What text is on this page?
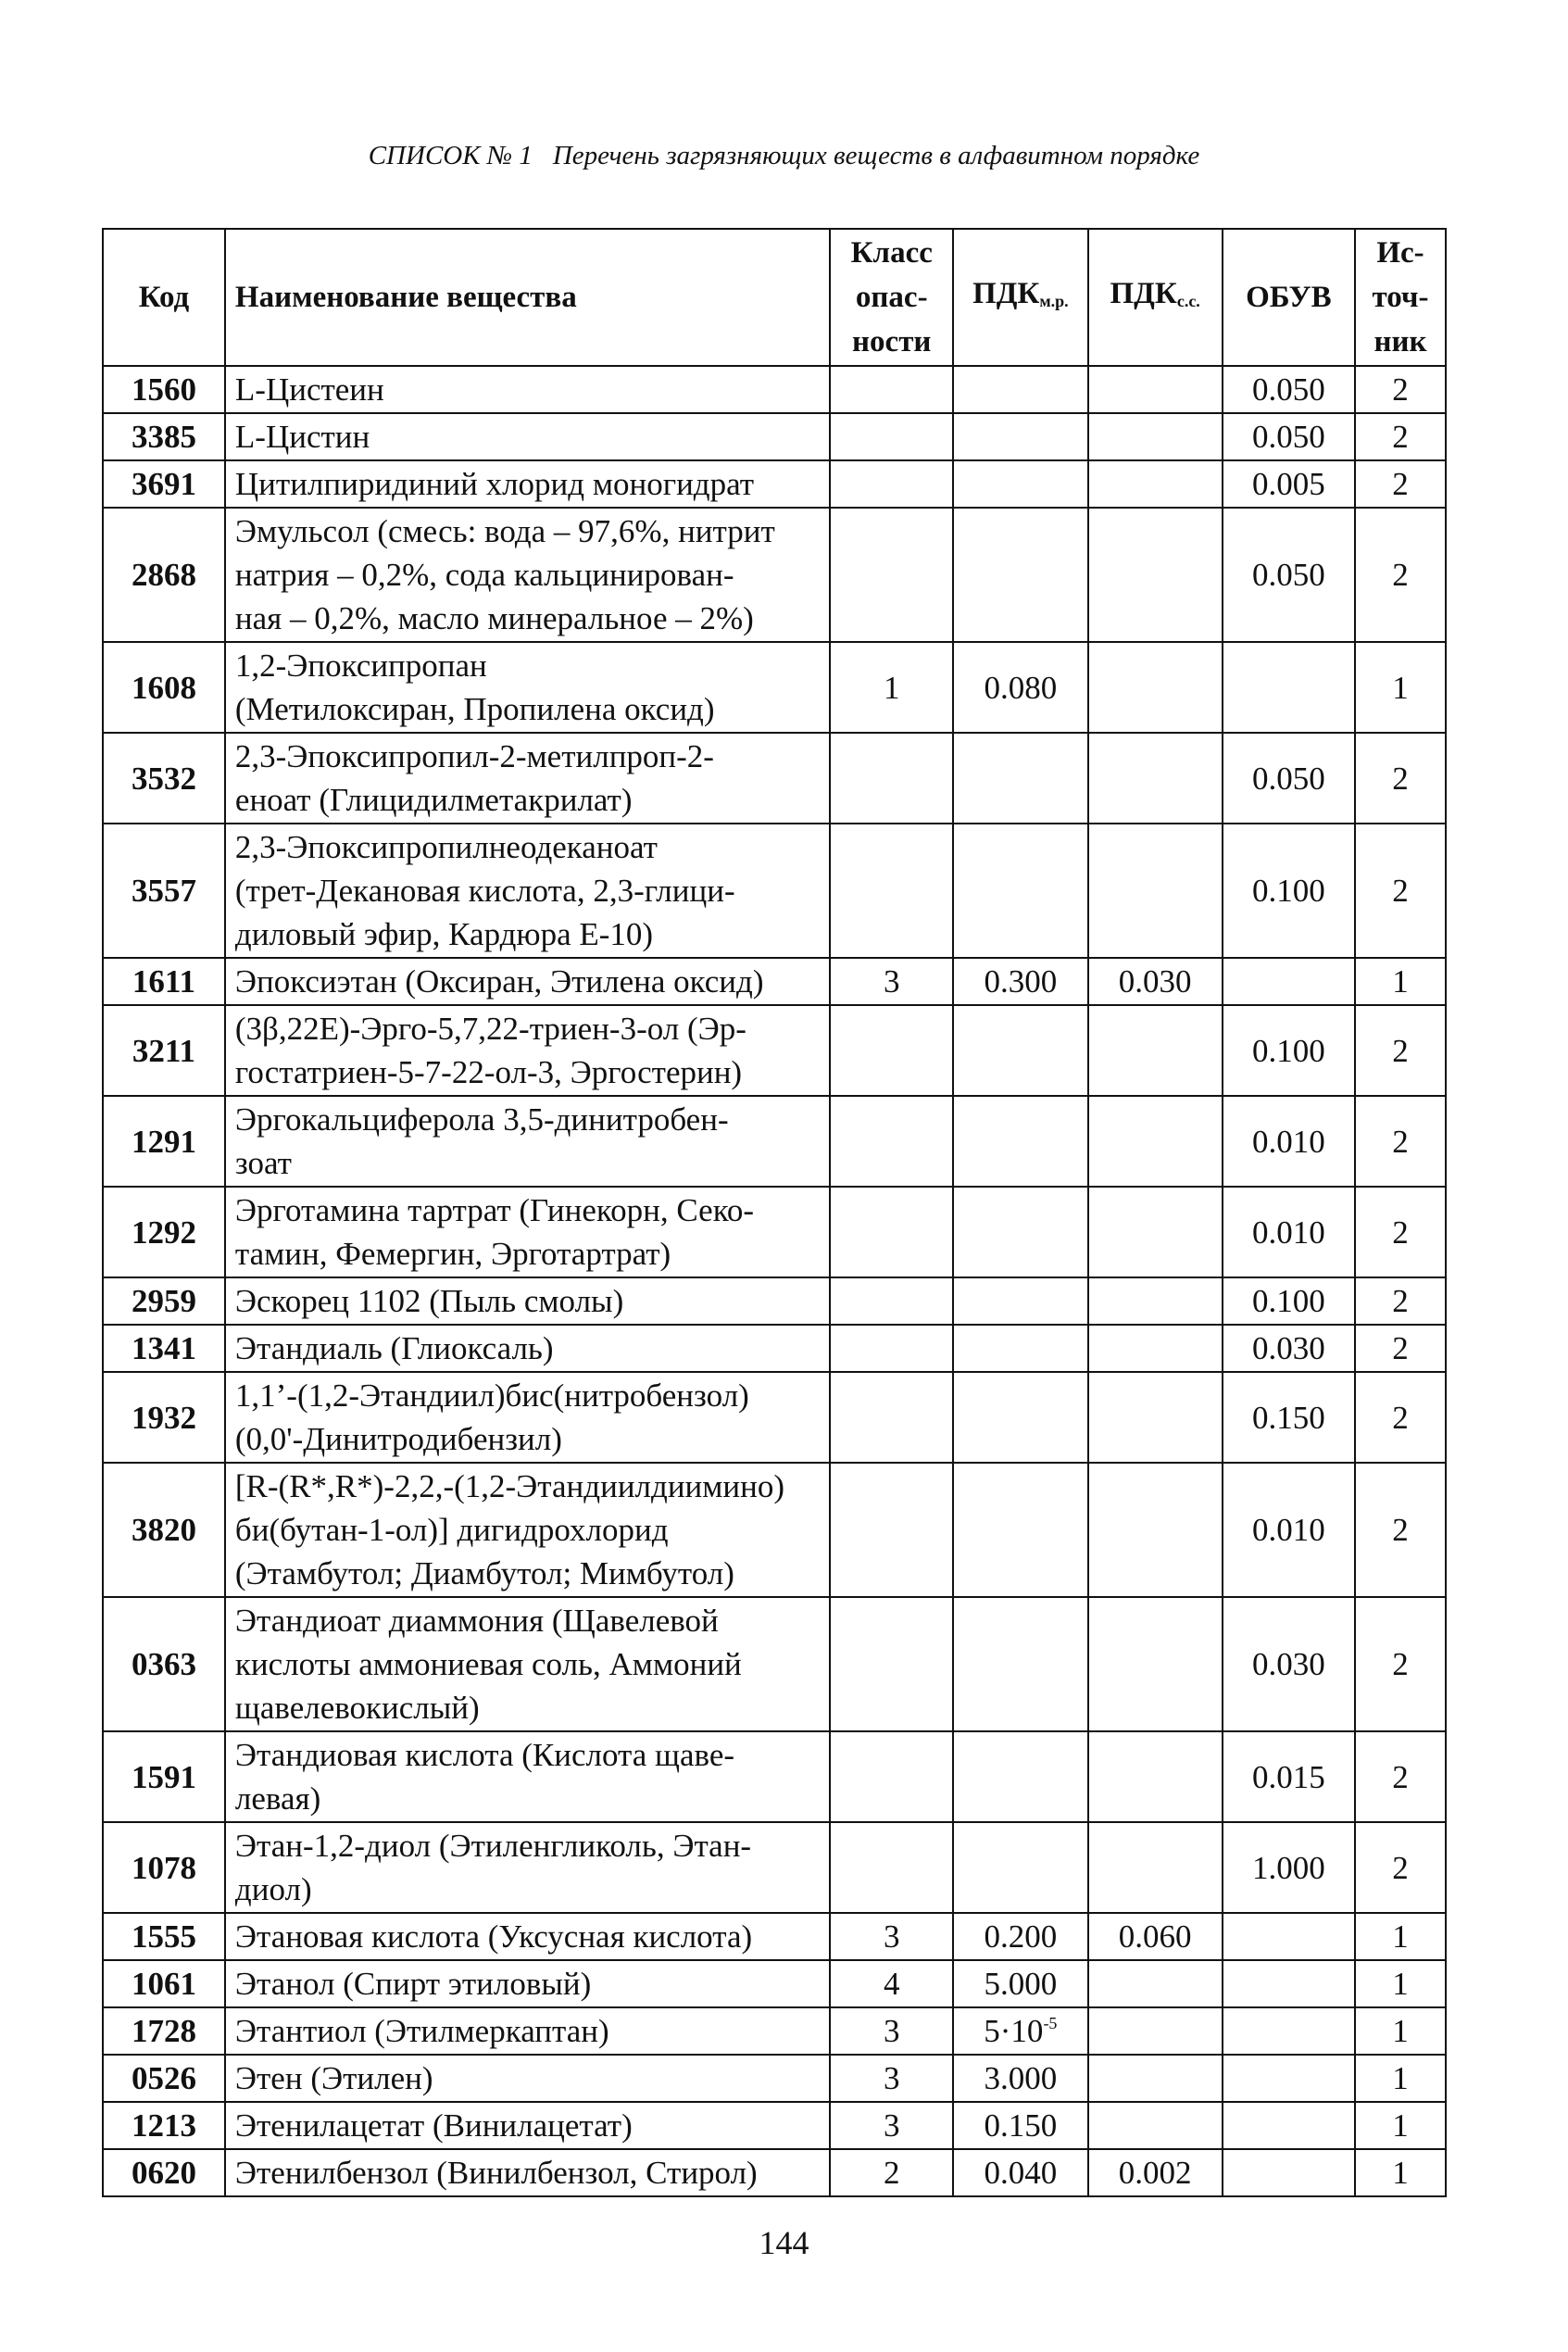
СПИСОК № 1 Перечень загрязняющих веществ в алфавитном порядке
Код	Наименование вещества	Класс
опас-
ности	$ПДК_{м.р.}$	$ПДК_{с.с.}$	ОБУВ	Ис-
точ-
ник

1560	L-Цистеин				0.050	2
3385	L-Цистин				0.050	2
3691	Цитилпиридиний хлорид моногидрат				0.005	2
2868	Эмульсол (смесь: вода – 97,6%, нитрит
натрия – 0,2%, сода кальцинирован-
ная – 0,2%, масло минеральное – 2%)				0.050	2
1608	1,2-Эпоксипропан
(Метилоксиран, Пропилена оксид)	1	0.080			1
3532	2,3-Эпоксипропил-2-метилпроп-2-
еноат (Глицидилметакрилат)				0.050	2
3557	2,3-Эпоксипропилнеодеканоат
(трет-Декановая кислота, 2,3-глици-
диловый эфир, Кардюра Е-10)				0.100	2
1611	Эпоксиэтан (Оксиран, Этилена оксид)	3	0.300	0.030		1
3211	(3β,22Е)-Эрго-5,7,22-триен-3-ол (Эр-
гостатриен-5-7-22-ол-3, Эргостерин)				0.100	2
1291	Эргокальциферола 3,5-динитробен-
зоат				0.010	2
1292	Эрготамина тартрат (Гинекорн, Секо-
тамин, Фемергин, Эрготартрат)				0.010	2
2959	Эскорец 1102 (Пыль смолы)				0.100	2
1341	Этандиаль (Глиоксаль)				0.030	2
1932	1,1’-(1,2-Этандиил)бис(нитробензол)
(0,0'-Динитродибензил)				0.150	2
3820	[R-(R*,R*)-2,2,-(1,2-Этандиилдиимино)
би(бутан-1-ол)] дигидрохлорид
(Этамбутол; Диамбутол; Мимбутол)				0.010	2
0363	Этандиоат диаммония (Щавелевой
кислоты аммониевая соль, Аммоний
щавелевокислый)				0.030	2
1591	Этандиовая кислота (Кислота щаве-
левая)				0.015	2
1078	Этан-1,2-диол (Этиленгликоль, Этан-
диол)				1.000	2
1555	Этановая кислота (Уксусная кислота)	3	0.200	0.060		1
1061	Этанол (Спирт этиловый)	4	5.000			1
1728	Этантиол (Этилмеркаптан)	3	$5\cdot 10^{-5}$			1
0526	Этен (Этилен)	3	3.000			1
1213	Этенилацетат (Винилацетат)	3	0.150			1
0620	Этенилбензол (Винилбензол, Стирол)	2	0.040	0.002		1
144
